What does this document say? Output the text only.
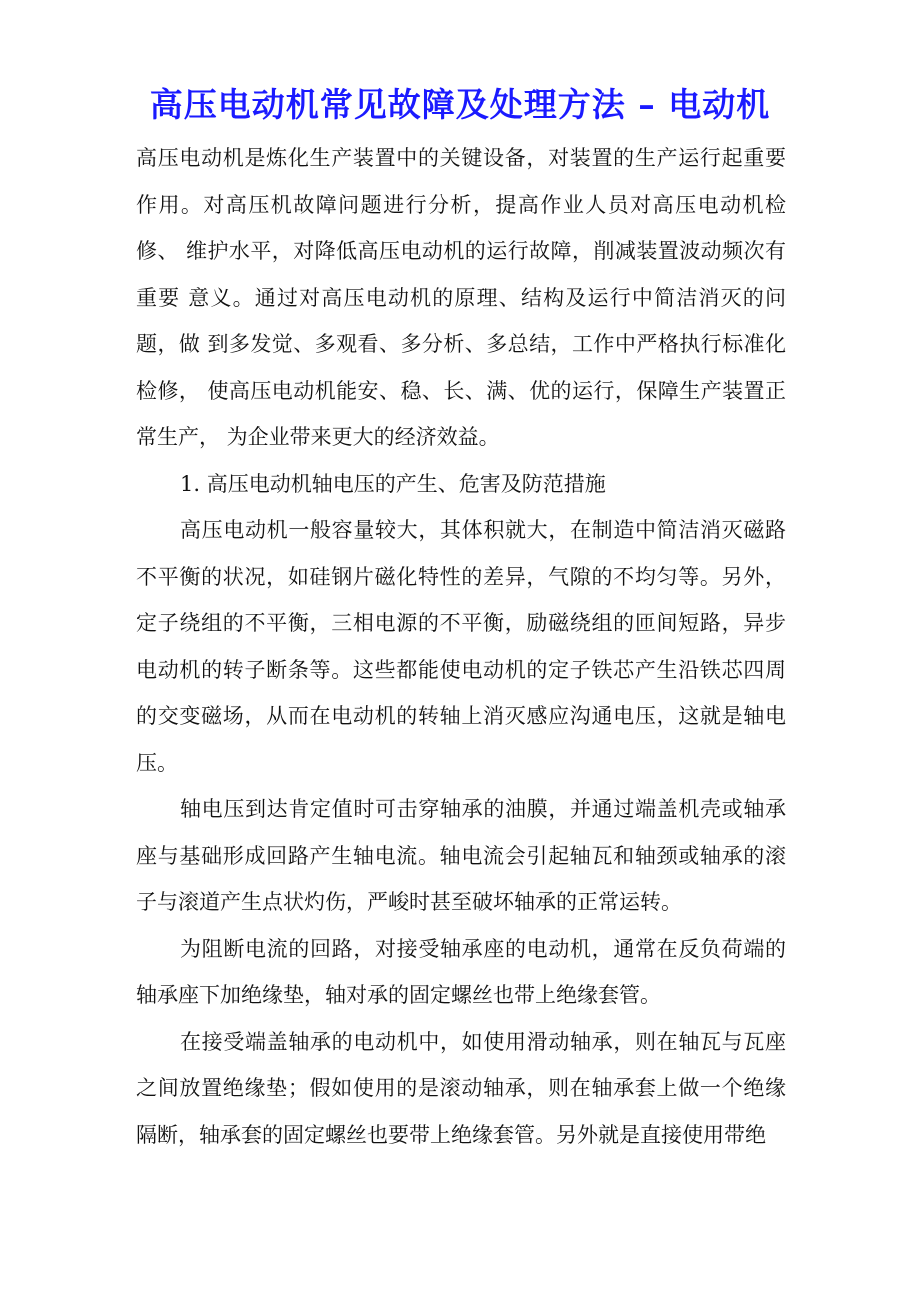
高压电动机常见故障及处理方法 – 电动机

高压电动机是炼化生产装置中的关键设备，对装置的生产运行起重要作用。对高压机故障问题进行分析，提高作业人员对高压电动机检修、 维护水平，对降低高压电动机的运行故障，削减装置波动频次有重要 意义。通过对高压电动机的原理、结构及运行中简洁消灭的问题，做 到多发觉、多观看、多分析、多总结，工作中严格执行标准化检修， 使高压电动机能安、稳、长、满、优的运行，保障生产装置正常生产， 为企业带来更大的经济效益。

1. 高压电动机轴电压的产生、危害及防范措施

高压电动机一般容量较大，其体积就大，在制造中简洁消灭磁路不平衡的状况，如硅钢片磁化特性的差异，气隙的不均匀等。另外，定子绕组的不平衡，三相电源的不平衡，励磁绕组的匝间短路，异步电动机的转子断条等。这些都能使电动机的定子铁芯产生沿铁芯四周的交变磁场，从而在电动机的转轴上消灭感应沟通电压，这就是轴电压。

轴电压到达肯定值时可击穿轴承的油膜，并通过端盖机壳或轴承座与基础形成回路产生轴电流。轴电流会引起轴瓦和轴颈或轴承的滚子与滚道产生点状灼伤，严峻时甚至破坏轴承的正常运转。

为阻断电流的回路，对接受轴承座的电动机，通常在反负荷端的轴承座下加绝缘垫，轴对承的固定螺丝也带上绝缘套管。

在接受端盖轴承的电动机中，如使用滑动轴承，则在轴瓦与瓦座之间放置绝缘垫；假如使用的是滚动轴承，则在轴承套上做一个绝缘隔断，轴承套的固定螺丝也要带上绝缘套管。另外就是直接使用带绝
